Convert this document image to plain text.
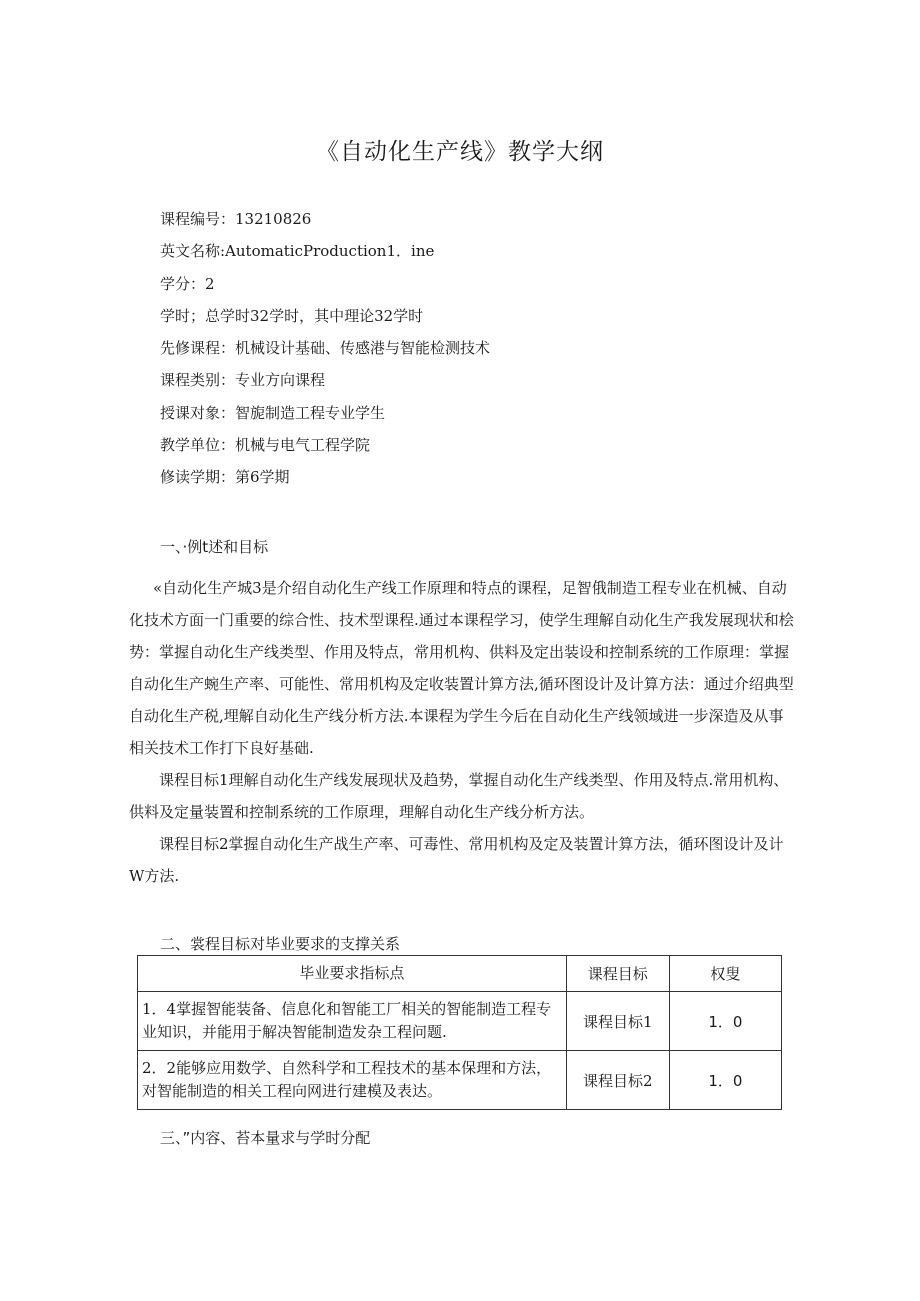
《自动化生产线》教学大纲
课程编号：13210826
英文名称:AutomaticProduction1．ine
学分：2
学时；总学时32学时，其中理论32学时
先修课程：机械设计基础、传感港与智能检测技术
课程类别：专业方向课程
授课对象：智旎制造工程专业学生
教学单位：机械与电气工程学院
修读学期：第6学期
一、·例t述和目标

«自动化生产城3是介绍自动化生产线工作原理和特点的课程，足智俄制造工程专业在机械、自动化技术方面一门重要的综合性、技术型课程.通过本课程学习，使学生理解自动化生产我发展现状和桧势：掌握自动化生产线类型、作用及特点，常用机构、供料及定出装设和控制系统的工作原理：掌握自动化生产蜿生产率、可能性、常用机构及定收装置计算方法,循环图设计及计算方法：通过介绍典型自动化生产税,埋解自动化生产线分析方法.本课程为学生今后在自动化生产线领域进一步深造及从事相关技术工作打下良好基础.

课程目标1理解自动化生产线发展现状及趋势，掌握自动化生产线类型、作用及特点.常用机构、供料及定量装置和控制系统的工作原理，理解自动化生产线分析方法。

课程目标2掌握自动化生产战生产率、可毒性、常用机构及定及装置计算方法，循环图设计及计W方法.

二、裳程目标对毕业要求的支撑关系
毕业要求指标点	课程目标	权叟
1．4掌握智能装备、信息化和智能工厂相关的智能制造工程专业知识，并能用于解决智能制造发杂工程问题.	课程目标1	1．0
2．2能够应用数学、自然科学和工程技术的基本保理和方法，对智能制造的相关工程向网进行建模及表达。	课程目标2	1．0
三、”内容、苔本量求与学时分配
